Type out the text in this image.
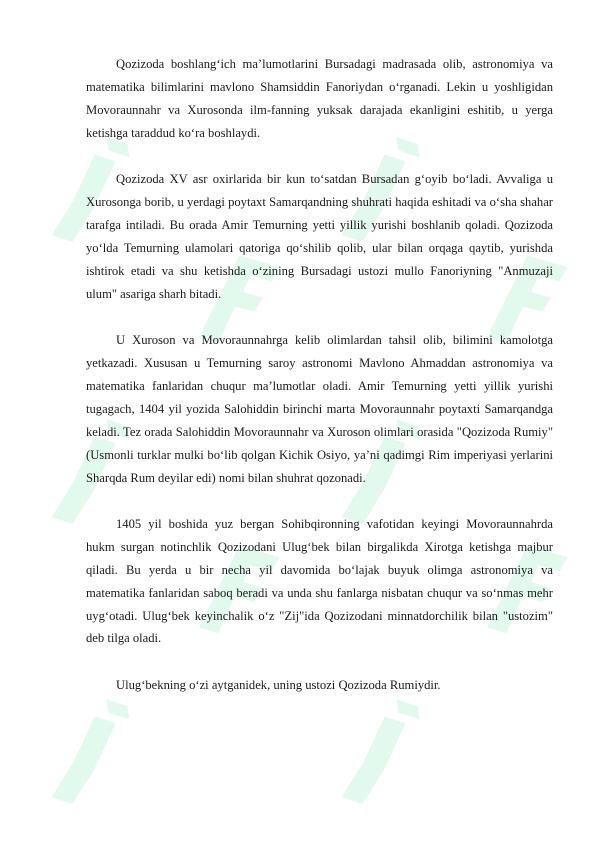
Qozizoda boshlang‘ich ma’lumotlarini Bursadagi madrasada olib, astronomiya va matematika bilimlarini mavlono Shamsiddin Fanoriydan o‘rganadi. Lekin u yoshligidan Movoraunnahr va Xurosonda ilm-fanning yuksak darajada ekanligini eshitib, u yerga ketishga taraddud ko‘ra boshlaydi.

Qozizoda XV asr oxirlarida bir kun to‘satdan Bursadan g‘oyib bo‘ladi. Avvaliga u Xurosonga borib, u yerdagi poytaxt Samarqandning shuhrati haqida eshitadi va o‘sha shahar tarafga intiladi. Bu orada Amir Temurning yetti yillik yurishi boshlanib qoladi. Qozizoda yo‘lda Temurning ulamolari qatoriga qo‘shilib qolib, ular bilan orqaga qaytib, yurishda ishtirok etadi va shu ketishda o‘zining Bursadagi ustozi mullo Fanoriyning "Anmuzaji ulum" asariga sharh bitadi.

U Xuroson va Movoraunnahrga kelib olimlardan tahsil olib, bilimini kamolotga yetkazadi. Xususan u Temurning saroy astronomi Mavlono Ahmaddan astronomiya va matematika fanlaridan chuqur ma’lumotlar oladi. Amir Temurning yetti yillik yurishi tugagach, 1404 yil yozida Salohiddin birinchi marta Movoraunnahr poytaxti Samarqandga keladi. Tez orada Salohiddin Movoraunnahr va Xuroson olimlari orasida "Qozizoda Rumiy" (Usmonli turklar mulki bo‘lib qolgan Kichik Osiyo, ya’ni qadimgi Rim imperiyasi yerlarini Sharqda Rum deyilar edi) nomi bilan shuhrat qozonadi.

1405 yil boshida yuz bergan Sohibqironning vafotidan keyingi Movoraunnahrda hukm surgan notinchlik Qozizodani Ulug‘bek bilan birgalikda Xirotga ketishga majbur qiladi. Bu yerda u bir necha yil davomida bo‘lajak buyuk olimga astronomiya va matematika fanlaridan saboq beradi va unda shu fanlarga nisbatan chuqur va so‘nmas mehr uyg‘otadi. Ulug‘bek keyinchalik o‘z "Zij"ida Qozizodani minnatdorchilik bilan "ustozim" deb tilga oladi.

Ulug‘bekning o‘zi aytganidek, uning ustozi Qozizoda Rumiydir.
